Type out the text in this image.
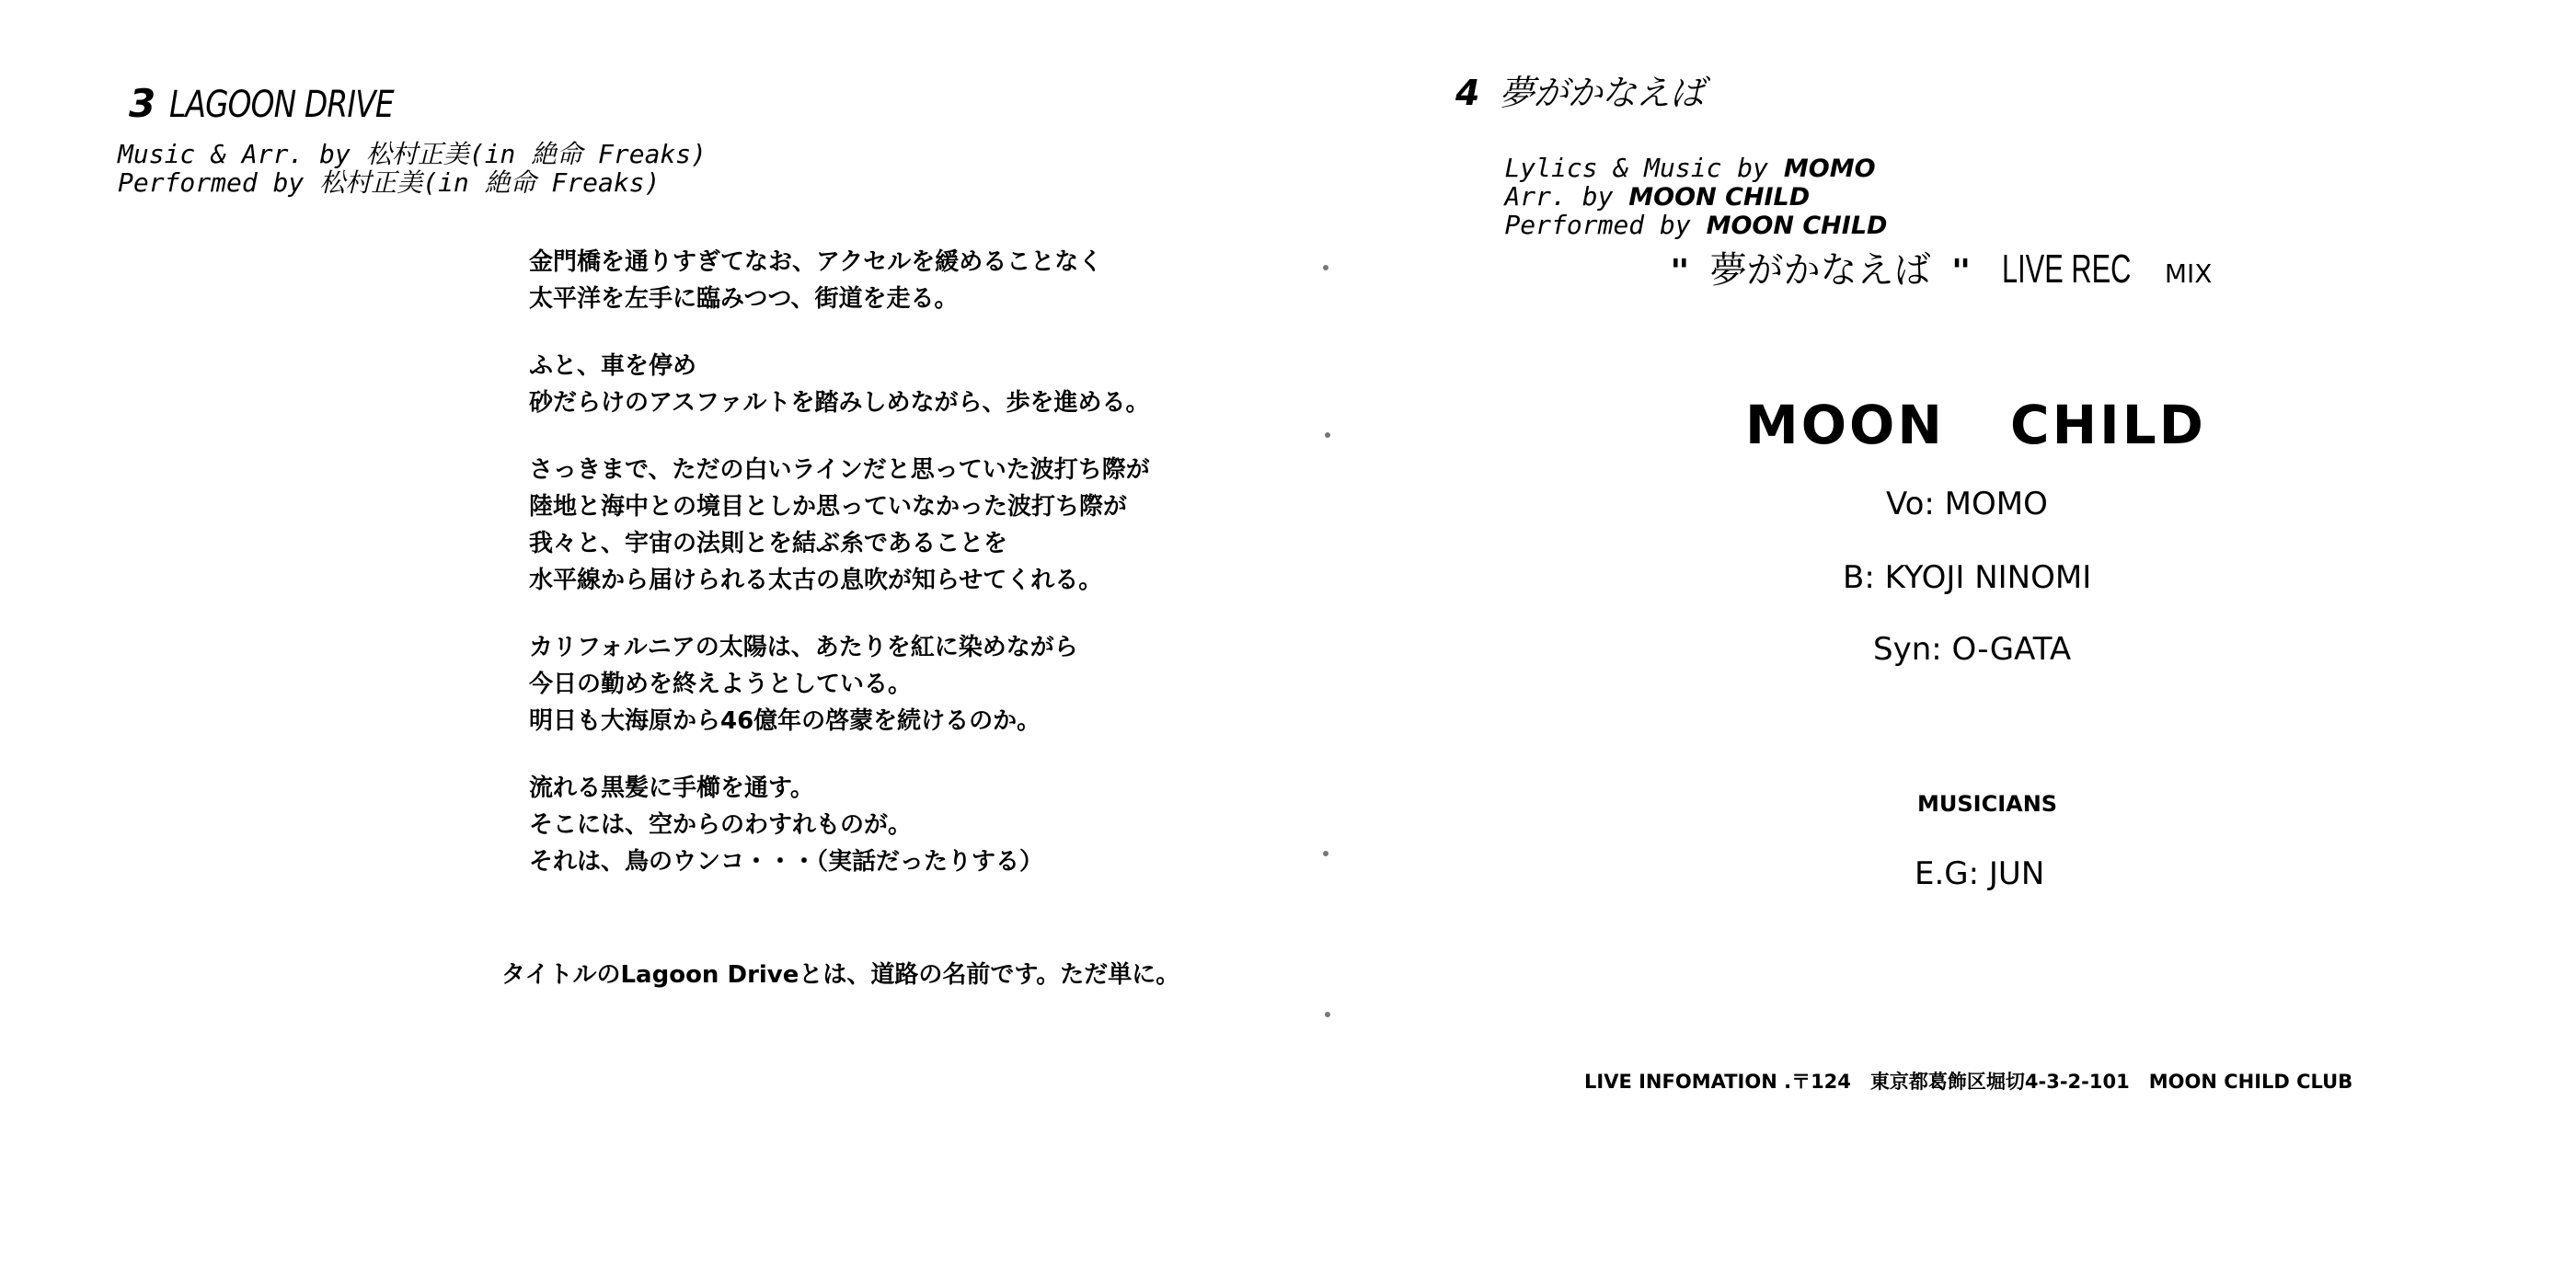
3 LAGOON DRIVE
Music & Arr. by 松村正美(in 絶命 Freaks)
Performed by 松村正美(in 絶命 Freaks)
金門橋を通りすぎてなお、アクセルを緩めることなく
太平洋を左手に臨みつつ、街道を走る。
ふと、車を停め
砂だらけのアスファルトを踏みしめながら、歩を進める。
さっきまで、ただの白いラインだと思っていた波打ち際が
陸地と海中との境目としか思っていなかった波打ち際が
我々と、宇宙の法則とを結ぶ糸であることを
水平線から届けられる太古の息吹が知らせてくれる。
カリフォルニアの太陽は、あたりを紅に染めながら
今日の勤めを終えようとしている。
明日も大海原から46億年の啓蒙を続けるのか。
流れる黒髪に手櫛を通す。
そこには、空からのわすれものが。
それは、鳥のウンコ・・・（実話だったりする）
タイトルのLagoon Driveとは、道路の名前です。ただ単に。
4 夢がかなえば

Lylics & Music by MOMO

Arr. by MOON CHILD

Performed by MOON CHILD

" 夢がかなえば " LIVE REC MIX
MOON CHILD
Vo: MOMO
B: KYOJI NINOMI
Syn: O-GATA
MUSICIANS
E.G: JUN
LIVE INFOMATION .〒124　東京都葛飾区堀切4-3-2-101　MOON CHILD CLUB
